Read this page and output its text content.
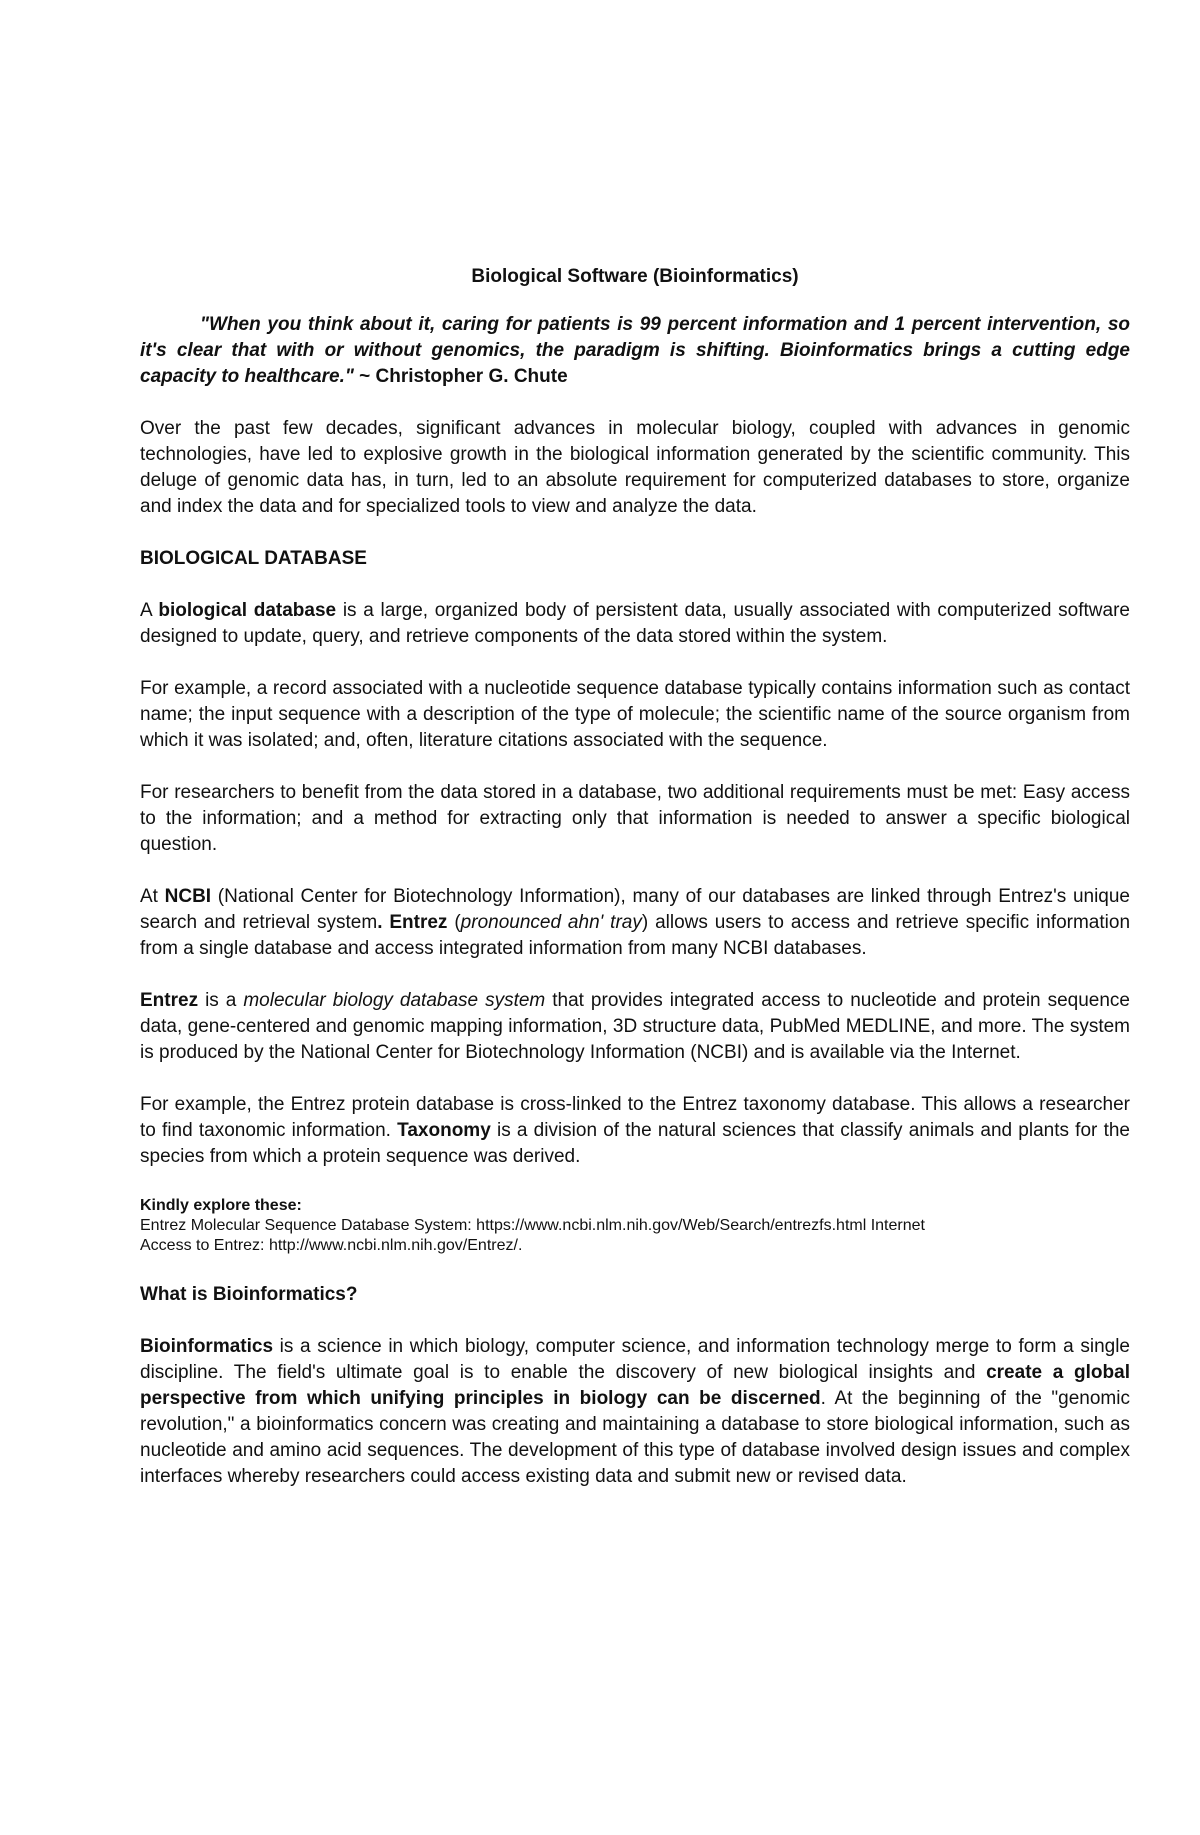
Biological Software (Bioinformatics)

"When you think about it, caring for patients is 99 percent information and 1 percent intervention, so it's clear that with or without genomics, the paradigm is shifting. Bioinformatics brings a cutting edge capacity to healthcare." ~ Christopher G. Chute

Over the past few decades, significant advances in molecular biology, coupled with advances in genomic technologies, have led to explosive growth in the biological information generated by the scientific community. This deluge of genomic data has, in turn, led to an absolute requirement for computerized databases to store, organize and index the data and for specialized tools to view and analyze the data.

BIOLOGICAL DATABASE

A biological database is a large, organized body of persistent data, usually associated with computerized software designed to update, query, and retrieve components of the data stored within the system.

For example, a record associated with a nucleotide sequence database typically contains information such as contact name; the input sequence with a description of the type of molecule; the scientific name of the source organism from which it was isolated; and, often, literature citations associated with the sequence.

For researchers to benefit from the data stored in a database, two additional requirements must be met: Easy access to the information; and a method for extracting only that information is needed to answer a specific biological question.

At NCBI (National Center for Biotechnology Information), many of our databases are linked through Entrez's unique search and retrieval system. Entrez (pronounced ahn' tray) allows users to access and retrieve specific information from a single database and access integrated information from many NCBI databases.

Entrez is a molecular biology database system that provides integrated access to nucleotide and protein sequence data, gene-centered and genomic mapping information, 3D structure data, PubMed MEDLINE, and more. The system is produced by the National Center for Biotechnology Information (NCBI) and is available via the Internet.

For example, the Entrez protein database is cross-linked to the Entrez taxonomy database. This allows a researcher to find taxonomic information. Taxonomy is a division of the natural sciences that classify animals and plants for the species from which a protein sequence was derived.

Kindly explore these:
Entrez Molecular Sequence Database System: https://www.ncbi.nlm.nih.gov/Web/Search/entrezfs.html Internet
Access to Entrez: http://www.ncbi.nlm.nih.gov/Entrez/.
What is Bioinformatics?

Bioinformatics is a science in which biology, computer science, and information technology merge to form a single discipline. The field's ultimate goal is to enable the discovery of new biological insights and create a global perspective from which unifying principles in biology can be discerned. At the beginning of the "genomic revolution," a bioinformatics concern was creating and maintaining a database to store biological information, such as nucleotide and amino acid sequences. The development of this type of database involved design issues and complex interfaces whereby researchers could access existing data and submit new or revised data.
